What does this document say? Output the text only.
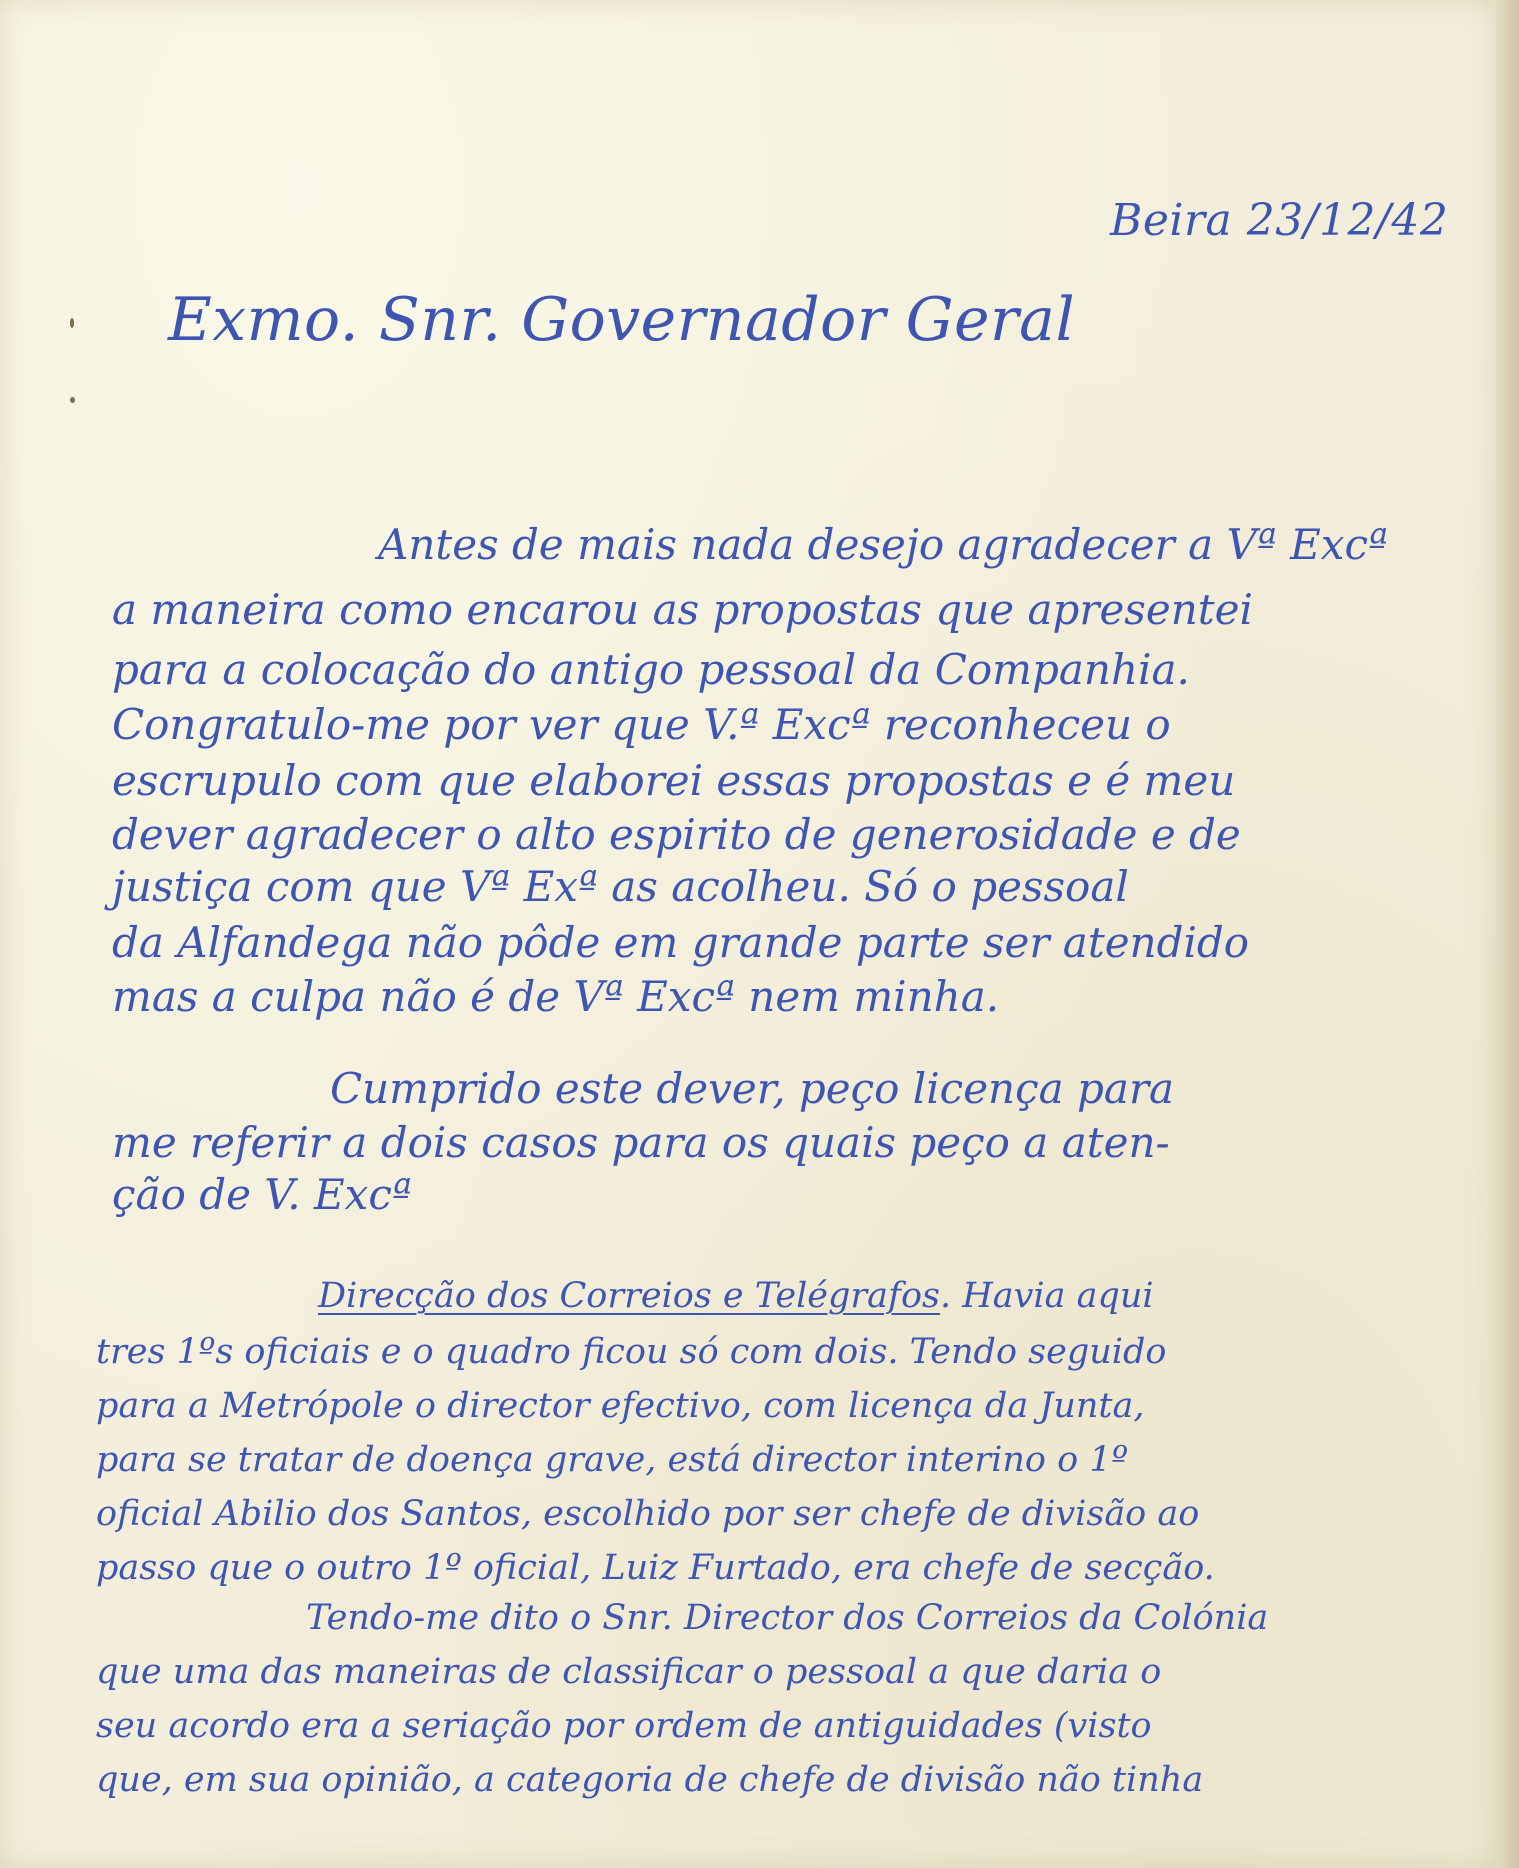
Beira 23/12/42

Exmo. Snr. Governador Geral

Antes de mais nada desejo agradecer a Vª Excª

a maneira como encarou as propostas que apresentei

para a colocação do antigo pessoal da Companhia.

Congratulo-me por ver que V.ª Excª reconheceu o

escrupulo com que elaborei essas propostas e é meu

dever agradecer o alto espirito de generosidade e de

justiça com que Vª Exª as acolheu. Só o pessoal

da Alfandega não pôde em grande parte ser atendido

mas a culpa não é de Vª Excª nem minha.

Cumprido este dever, peço licença para

me referir a dois casos para os quais peço a aten-

ção de V. Excª

Direcção dos Correios e Telégrafos. Havia aqui

tres 1ºs oficiais e o quadro ficou só com dois. Tendo seguido

para a Metrópole o director efectivo, com licença da Junta,

para se tratar de doença grave, está director interino o 1º

oficial Abilio dos Santos, escolhido por ser chefe de divisão ao

passo que o outro 1º oficial, Luiz Furtado, era chefe de secção.

Tendo-me dito o Snr. Director dos Correios da Colónia

que uma das maneiras de classificar o pessoal a que daria o

seu acordo era a seriação por ordem de antiguidades (visto

que, em sua opinião, a categoria de chefe de divisão não tinha
